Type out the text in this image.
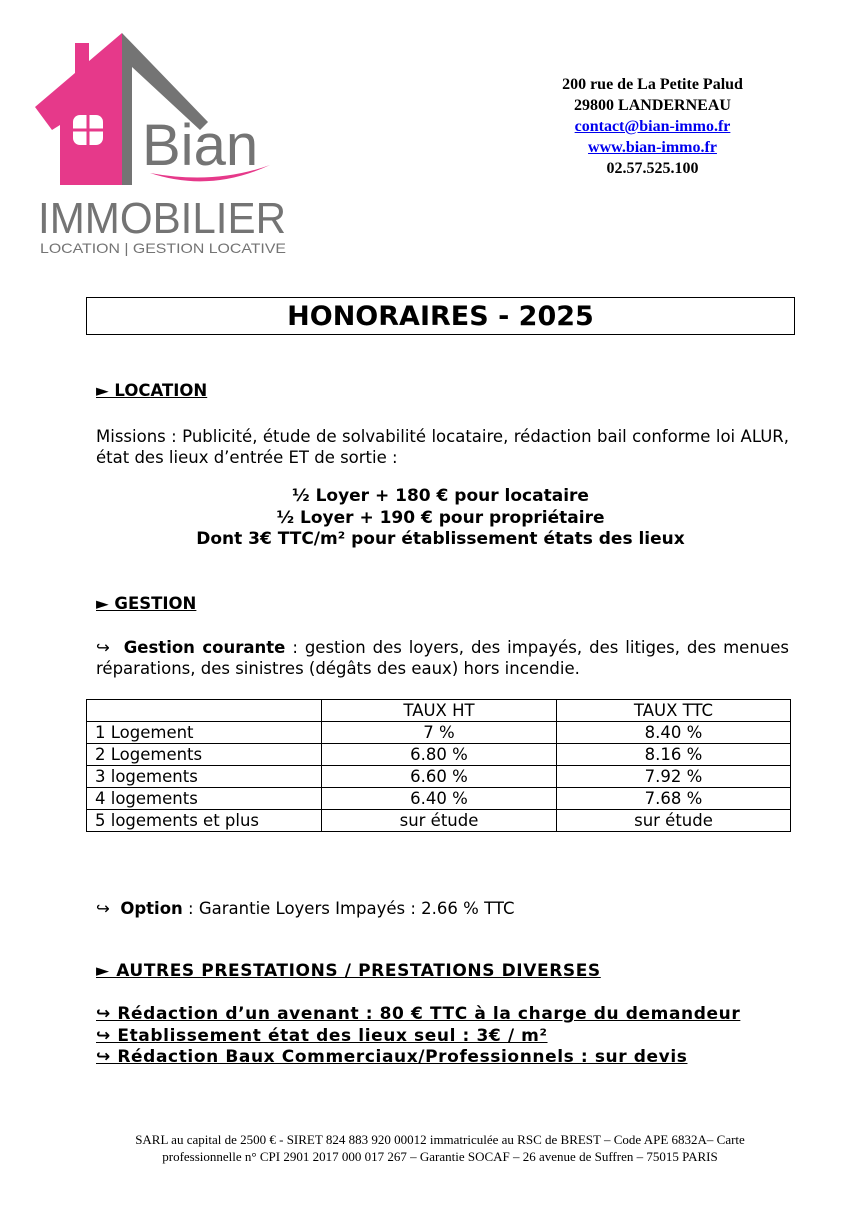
Bian
IMMOBILIER
LOCATION | GESTION LOCATIVE
200 rue de La Petite Palud
29800 LANDERNEAU
contact@bian-immo.fr
www.bian-immo.fr
02.57.525.100
HONORAIRES - 2025
► LOCATION
Missions : Publicité, étude de solvabilité locataire, rédaction bail conforme loi ALUR, état des lieux d’entrée ET de sortie :
½ Loyer + 180 € pour locataire
½ Loyer + 190 € pour propriétaire
Dont 3€ TTC/m² pour établissement états des lieux
► GESTION
↪ Gestion courante : gestion des loyers, des impayés, des litiges, des menues réparations, des sinistres (dégâts des eaux) hors incendie.
	TAUX HT	TAUX TTC
1 Logement	7 %	8.40 %
2 Logements	6.80 %	8.16 %
3 logements	6.60 %	7.92 %
4 logements	6.40 %	7.68 %
5 logements et plus	sur étude	sur étude
↪ Option : Garantie Loyers Impayés : 2.66 % TTC
► AUTRES PRESTATIONS / PRESTATIONS DIVERSES
↪ Rédaction d’un avenant : 80 € TTC à la charge du demandeur
↪ Etablissement état des lieux seul : 3€ / m²
↪ Rédaction Baux Commerciaux/Professionnels : sur devis
SARL au capital de 2500 € - SIRET 824 883 920 00012 immatriculée au RSC de BREST – Code APE 6832A– Carte
professionnelle n° CPI 2901 2017 000 017 267 – Garantie SOCAF – 26 avenue de Suffren – 75015 PARIS
